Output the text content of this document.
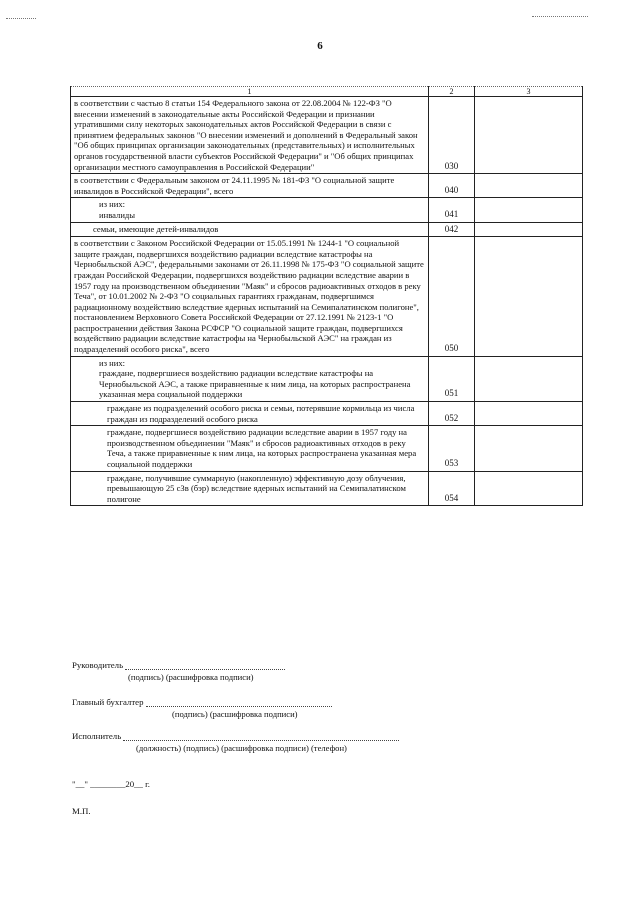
6
1	2	3
в соответствии с частью 8 статьи 154 Федерального закона от 22.08.2004 № 122-ФЗ "О внесении изменений в законодательные акты Российской Федерации и признании утратившими силу некоторых законодательных актов Российской Федерации в связи с принятием федеральных законов "О внесении изменений и дополнений в Федеральный закон "Об общих принципах организации законодательных (представительных) и исполнительных органов государственной власти субъектов Российской Федерации" и "Об общих принципах организации местного самоуправления в Российской Федерации"	030	
в соответствии с Федеральным законом от 24.11.1995 № 181-ФЗ "О социальной защите инвалидов в Российской Федерации", всего	040	
из них:
инвалиды	041	
семьи, имеющие детей-инвалидов	042	
в соответствии с Законом Российской Федерации от 15.05.1991 № 1244-1 "О социальной защите граждан, подвергшихся воздействию радиации вследствие катастрофы на Чернобыльской АЭС", федеральными законами от 26.11.1998 № 175-ФЗ "О социальной защите граждан Российской Федерации, подвергшихся воздействию радиации вследствие аварии в 1957 году на производственном объединении "Маяк" и сбросов радиоактивных отходов в реку Теча", от 10.01.2002 № 2-ФЗ "О социальных гарантиях гражданам, подвергшимся радиационному воздействию вследствие ядерных испытаний на Семипалатинском полигоне", постановлением Верховного Совета Российской Федерации от 27.12.1991 № 2123-1 "О распространении действия Закона РСФСР "О социальной защите граждан, подвергшихся воздействию радиации вследствие катастрофы на Чернобыльской АЭС" на граждан из подразделений особого риска", всего	050	
из них:
граждане, подвергшиеся воздействию радиации вследствие катастрофы на Чернобыльской АЭС, а также приравненные к ним лица, на которых распространена указанная мера социальной поддержки	051	
граждане из подразделений особого риска и семьи, потерявшие кормильца из числа граждан из подразделений особого риска	052	
граждане, подвергшиеся воздействию радиации вследствие аварии в 1957 году на производственном объединении "Маяк" и сбросов радиоактивных отходов в реку Теча, а также приравненные к ним лица, на которых распространена указанная мера социальной поддержки	053	
граждане, получившие суммарную (накопленную) эффективную дозу облучения, превышающую 25 сЗв (бэр) вследствие ядерных испытаний на Семипалатинском полигоне	054	
Руководитель
(подпись) (расшифровка подписи)
Главный бухгалтер
(подпись) (расшифровка подписи)
Исполнитель
(должность) (подпись) (расшифровка подписи) (телефон)
"__" ________20__ г.
М.П.
